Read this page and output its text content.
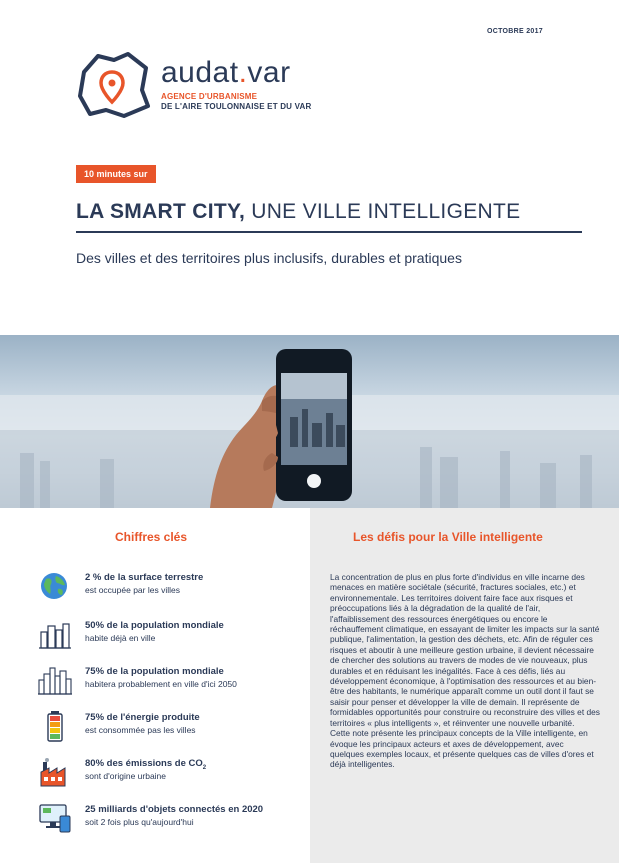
OCTOBRE 2017
audat.var
AGENCE D'URBANISME
DE L'AIRE TOULONNAISE ET DU VAR
10 minutes sur
LA SMART CITY, UNE VILLE INTELLIGENTE
Des villes et des territoires plus inclusifs, durables et pratiques
Chiffres clés
2 % de la surface terrestre
est occupée par les villes
50% de la population mondiale
habite déjà en ville
75% de la population mondiale
habitera probablement en ville d'ici 2050
75% de l'énergie produite
est consommée pas les villes
80% des émissions de $CO_2$
sont d'origine urbaine
25 milliards d'objets connectés en 2020
soit 2 fois plus qu'aujourd'hui
Les défis pour la Ville intelligente

La concentration de plus en plus forte d'individus en ville incarne des menaces en matière sociétale (sécurité, fractures sociales, etc.) et environnementale. Les territoires doivent faire face aux risques et préoccupations liés à la dégradation de la qualité de l'air, l'affaiblissement des ressources énergétiques ou encore le réchauffement climatique, en essayant de limiter les impacts sur la santé publique, l'alimentation, la gestion des déchets, etc. Afin de réguler ces risques et aboutir à une meilleure gestion urbaine, il devient nécessaire de chercher des solutions au travers de modes de vie nouveaux, plus durables et en réduisant les inégalités. Face à ces défis, liés au développement économique, à l'optimisation des ressources et au bien-être des habitants, le numérique apparaît comme un outil dont il faut se saisir pour penser et développer la ville de demain. Il représente de formidables opportunités pour construire ou reconstruire des villes et des territoires « plus intelligents », et réinventer une nouvelle urbanité.

Cette note présente les principaux concepts de la Ville intelligente, en évoque les principaux acteurs et axes de développement, avec quelques exemples locaux, et présente quelques cas de villes d'ores et déjà intelligentes.
